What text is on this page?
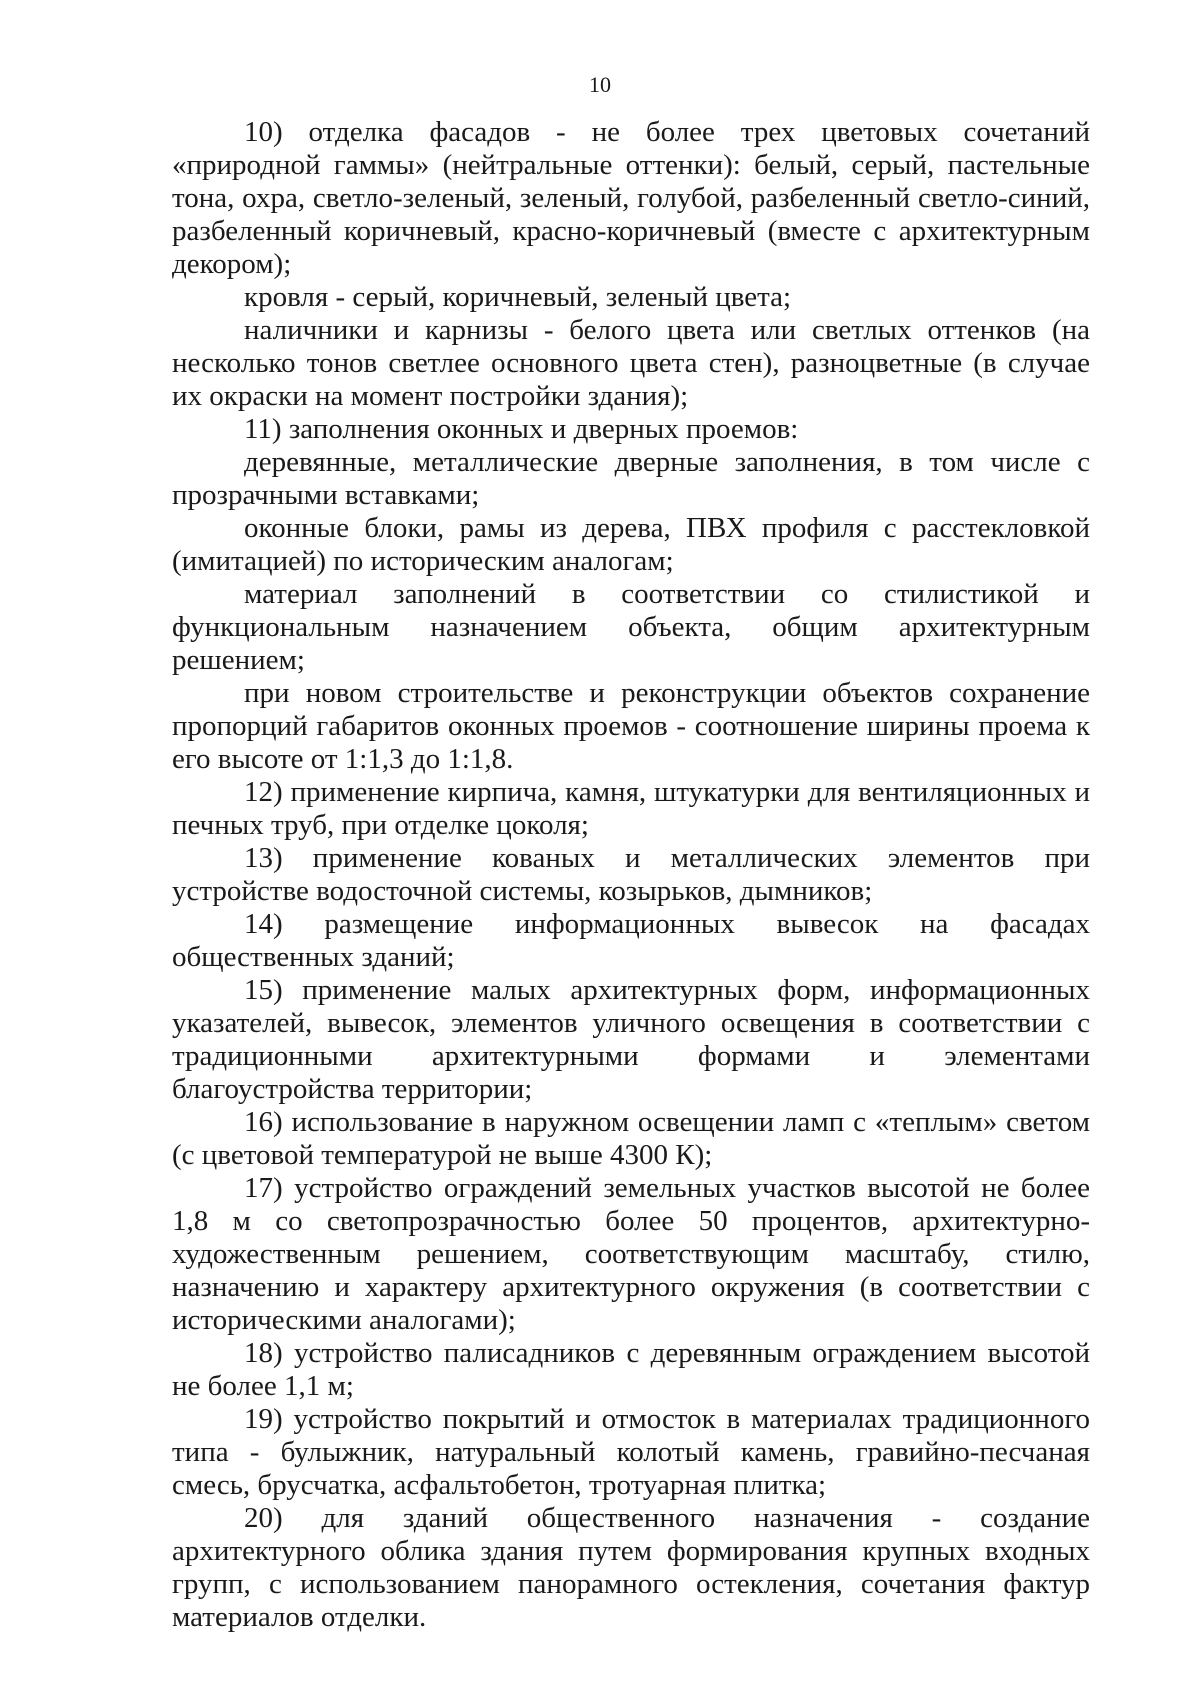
10

10) отделка фасадов - не более трех цветовых сочетаний «природной гаммы» (нейтральные оттенки): белый, серый, пастельные тона, охра, светло-зеленый, зеленый, голубой, разбеленный светло-синий, разбеленный коричневый, красно-коричневый (вместе с архитектурным декором);

кровля - серый, коричневый, зеленый цвета;

наличники и карнизы - белого цвета или светлых оттенков (на несколько тонов светлее основного цвета стен), разноцветные (в случае их окраски на момент постройки здания);

11) заполнения оконных и дверных проемов:

деревянные, металлические дверные заполнения, в том числе с прозрачными вставками;

оконные блоки, рамы из дерева, ПВХ профиля с расстекловкой (имитацией) по историческим аналогам;

материал заполнений в соответствии со стилистикой и функциональным назначением объекта, общим архитектурным решением;

при новом строительстве и реконструкции объектов сохранение пропорций габаритов оконных проемов - соотношение ширины проема к его высоте от 1:1,3 до 1:1,8.

12) применение кирпича, камня, штукатурки для вентиляционных и печных труб, при отделке цоколя;

13) применение кованых и металлических элементов при устройстве водосточной системы, козырьков, дымников;

14) размещение информационных вывесок на фасадах общественных зданий;

15) применение малых архитектурных форм, информационных указателей, вывесок, элементов уличного освещения в соответствии с традиционными архитектурными формами и элементами благоустройства территории;

16) использование в наружном освещении ламп с «теплым» светом (с цветовой температурой не выше 4300 К);

17) устройство ограждений земельных участков высотой не более 1,8 м со светопрозрачностью более 50 процентов, архитектурно-художественным решением, соответствующим масштабу, стилю, назначению и характеру архитектурного окружения (в соответствии с историческими аналогами);

18) устройство палисадников с деревянным ограждением высотой не более 1,1 м;

19) устройство покрытий и отмосток в материалах традиционного типа - булыжник, натуральный колотый камень, гравийно-песчаная смесь, брусчатка, асфальтобетон, тротуарная плитка;

20) для зданий общественного назначения - создание архитектурного облика здания путем формирования крупных входных групп, с использованием панорамного остекления, сочетания фактур материалов отделки.
